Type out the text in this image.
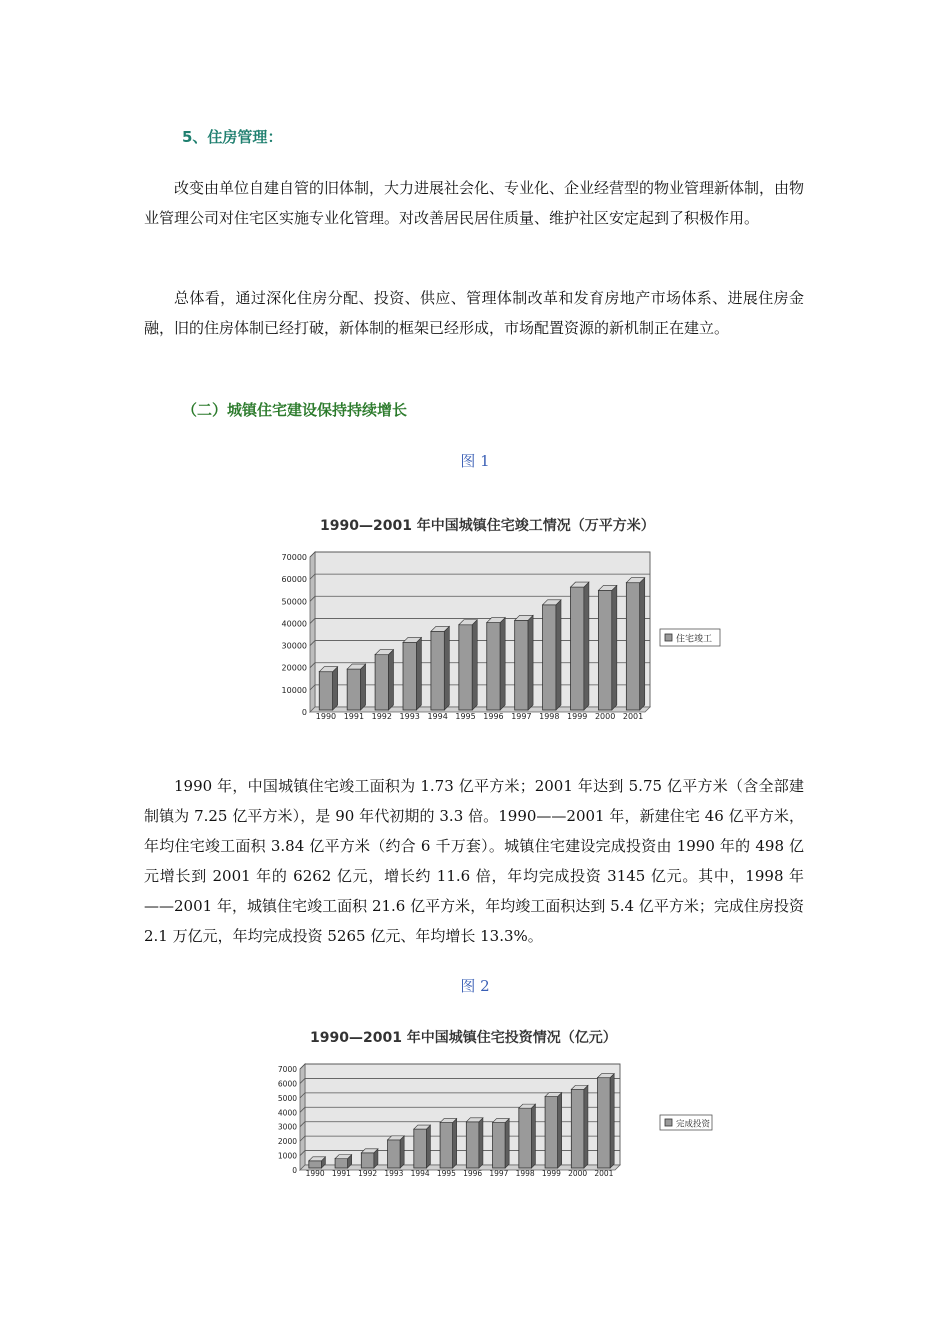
5、住房管理：

改变由单位自建自管的旧体制，大力进展社会化、专业化、企业经营型的物业管理新体制，由物业管理公司对住宅区实施专业化管理。对改善居民居住质量、维护社区安定起到了积极作用。

总体看，通过深化住房分配、投资、供应、管理体制改革和发育房地产市场体系、进展住房金融，旧的住房体制已经打破，新体制的框架已经形成，市场配置资源的新机制正在建立。

（二）城镇住宅建设保持持续增长
图 1
1990—2001 年中国城镇住宅竣工情况（万平方米）
0
10000
20000
30000
40000
50000
60000
70000
1990 1991 1992 1993 1994 1995 1996 1997 1998 1999 2000 2001
住宅竣工

1990 年，中国城镇住宅竣工面积为 1.73 亿平方米；2001 年达到 5.75 亿平方米（含全部建制镇为 7.25 亿平方米），是 90 年代初期的 3.3 倍。1990——2001 年，新建住宅 46 亿平方米，年均住宅竣工面积 3.84 亿平方米（约合 6 千万套）。城镇住宅建设完成投资由 1990 年的 498 亿元增长到 2001 年的 6262 亿元，增长约 11.6 倍，年均完成投资 3145 亿元。其中，1998 年——2001 年，城镇住宅竣工面积 21.6 亿平方米，年均竣工面积达到 5.4 亿平方米；完成住房投资 2.1 万亿元，年均完成投资 5265 亿元、年均增长 13.3%。

图 2
1990—2001 年中国城镇住宅投资情况（亿元）
0
1000
2000
3000
4000
5000
6000
7000
1990 1991 1992 1993 1994 1995 1996 1997 1998 1999 2000 2001
完成投资
